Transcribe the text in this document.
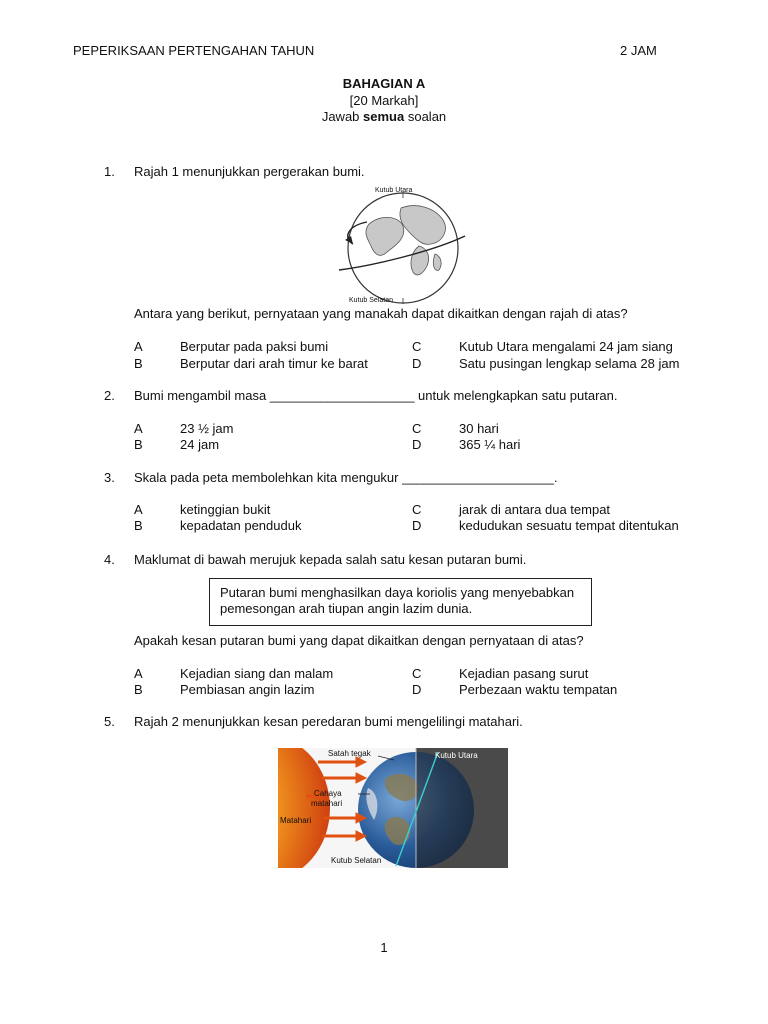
PEPERIKSAAN PERTENGAHAN TAHUN	2 JAM
BAHAGIAN A
[20 Markah]
Jawab semua soalan
1. Rajah 1 menunjukkan pergerakan bumi.
Kutub Utara
Kutub Selatan
Antara yang berikut, pernyataan yang manakah dapat dikaitkan dengan rajah di atas?
A	Berputar pada paksi bumi
B	Berputar dari arah timur ke barat
C	Kutub Utara mengalami 24 jam siang
D	Satu pusingan lengkap selama 28 jam
2. Bumi mengambil masa ____________________ untuk melengkapkan satu putaran.
A	23 ½ jam
B	24 jam
C	30 hari
D	365 ¼ hari
3. Skala pada peta membolehkan kita mengukur _____________________.
A	ketinggian bukit
B	kepadatan penduduk
C	jarak di antara dua tempat
D	kedudukan sesuatu tempat ditentukan
4. Maklumat di bawah merujuk kepada salah satu kesan putaran bumi.
Putaran bumi menghasilkan daya koriolis yang menyebabkan
pemesongan arah tiupan angin lazim dunia.
Apakah kesan putaran bumi yang dapat dikaitkan dengan pernyataan di atas?
A	Kejadian siang dan malam
B	Pembiasan angin lazim
C	Kejadian pasang surut
D	Perbezaan waktu tempatan
5. Rajah 2 menunjukkan kesan peredaran bumi mengelilingi matahari.
Satah tegak	Kutub Utara
Cahaya
matahari
Matahari
Kutub Selatan
1
